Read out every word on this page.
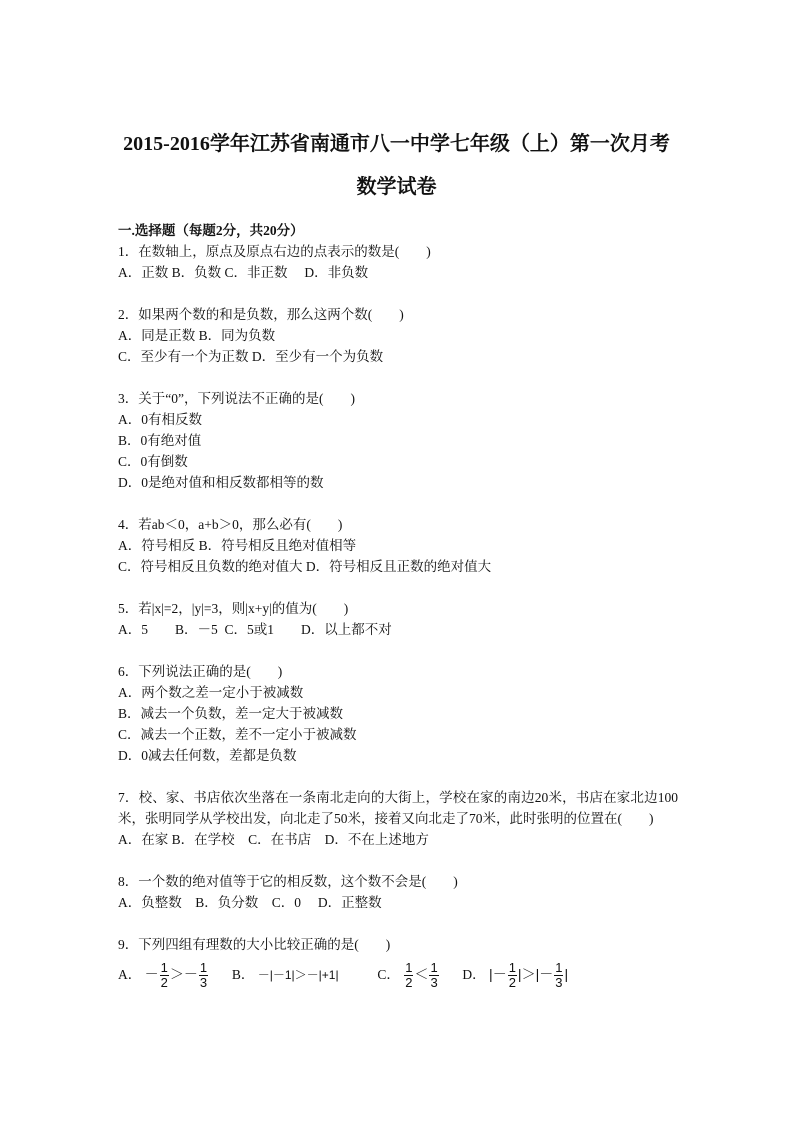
2015-2016学年江苏省南通市八一中学七年级（上）第一次月考
数学试卷
一.选择题（每题2分，共20分）
1．在数轴上，原点及原点右边的点表示的数是(　　)
A．正数 B．负数 C．非正数　 D．非负数
2．如果两个数的和是负数，那么这两个数(　　)
A．同是正数 B．同为负数
C．至少有一个为正数 D．至少有一个为负数
3．关于“0”，下列说法不正确的是(　　)
A．0有相反数
B．0有绝对值
C．0有倒数
D．0是绝对值和相反数都相等的数
4．若ab＜0，a+b＞0，那么必有(　　)
A．符号相反 B．符号相反且绝对值相等
C．符号相反且负数的绝对值大 D．符号相反且正数的绝对值大
5．若|x|=2，|y|=3，则|x+y|的值为(　　)
A．5　　B．－5  C．5或1　　D．以上都不对
6．下列说法正确的是(　　)
A．两个数之差一定小于被减数
B．减去一个负数，差一定大于被减数
C．减去一个正数，差不一定小于被减数
D．0减去任何数，差都是负数
7．校、家、书店依次坐落在一条南北走向的大街上，学校在家的南边20米，书店在家北边100米，张明同学从学校出发，向北走了50米，接着又向北走了70米，此时张明的位置在(　　)
A．在家 B．在学校　C．在书店　D．不在上述地方
8．一个数的绝对值等于它的相反数，这个数不会是(　　)
A．负整数　B．负分数　C．0　 D．正整数
9．下列四组有理数的大小比较正确的是(　　)
A． － $\frac{1}{2} >- \frac{1}{3}$ B． －|－1|＞－|+1|	C． $\frac{1}{2} < \frac{1}{3}$ D． |－ $\frac{1}{2}$ |＞|－ $\frac{1}{3}$ |
